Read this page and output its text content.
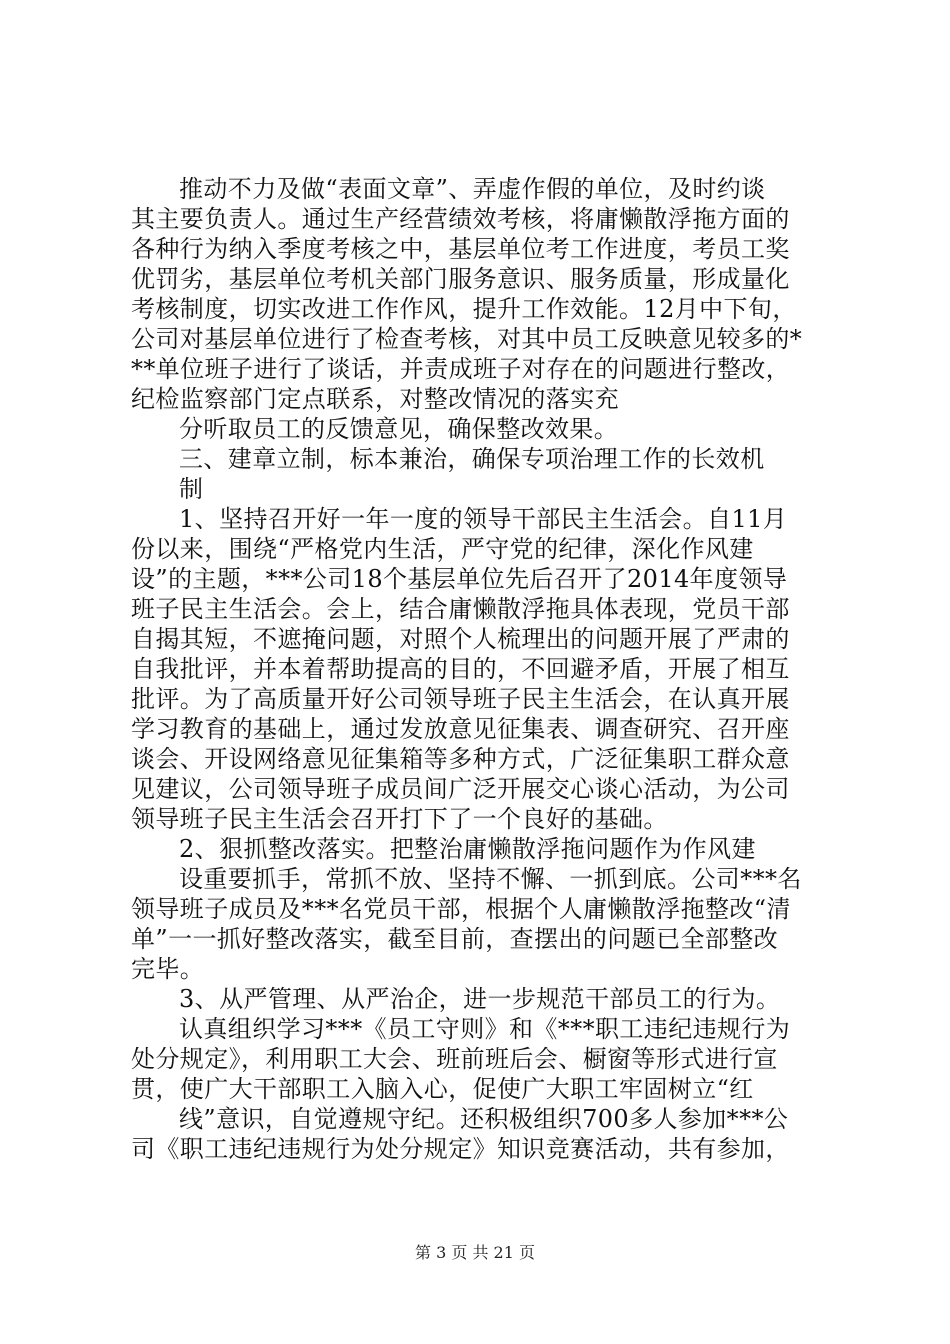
推动不力及做“表面文章”、弄虚作假的单位，及时约谈
其主要负责人。通过生产经营绩效考核，将庸懒散浮拖方面的
各种行为纳入季度考核之中，基层单位考工作进度，考员工奖
优罚劣，基层单位考机关部门服务意识、服务质量，形成量化
考核制度，切实改进工作作风，提升工作效能。12月中下旬，
公司对基层单位进行了检查考核，对其中员工反映意见较多的*
**单位班子进行了谈话，并责成班子对存在的问题进行整改，
纪检监察部门定点联系，对整改情况的落实充
分听取员工的反馈意见，确保整改效果。
三、建章立制，标本兼治，确保专项治理工作的长效机
制
1、坚持召开好一年一度的领导干部民主生活会。自11月
份以来，围绕“严格党内生活，严守党的纪律，深化作风建
设”的主题，***公司18个基层单位先后召开了2014年度领导
班子民主生活会。会上，结合庸懒散浮拖具体表现，党员干部
自揭其短，不遮掩问题，对照个人梳理出的问题开展了严肃的
自我批评，并本着帮助提高的目的，不回避矛盾，开展了相互
批评。为了高质量开好公司领导班子民主生活会，在认真开展
学习教育的基础上，通过发放意见征集表、调查研究、召开座
谈会、开设网络意见征集箱等多种方式，广泛征集职工群众意
见建议，公司领导班子成员间广泛开展交心谈心活动，为公司
领导班子民主生活会召开打下了一个良好的基础。
2、狠抓整改落实。把整治庸懒散浮拖问题作为作风建
设重要抓手，常抓不放、坚持不懈、一抓到底。公司***名
领导班子成员及***名党员干部，根据个人庸懒散浮拖整改“清
单”一一抓好整改落实，截至目前，查摆出的问题已全部整改
完毕。
3、从严管理、从严治企，进一步规范干部员工的行为。
认真组织学习***《员工守则》和《***职工违纪违规行为
处分规定》，利用职工大会、班前班后会、橱窗等形式进行宣
贯，使广大干部职工入脑入心，促使广大职工牢固树立“红
线”意识，自觉遵规守纪。还积极组织700多人参加***公
司《职工违纪违规行为处分规定》知识竞赛活动，共有参加，
第 3 页 共 21 页
